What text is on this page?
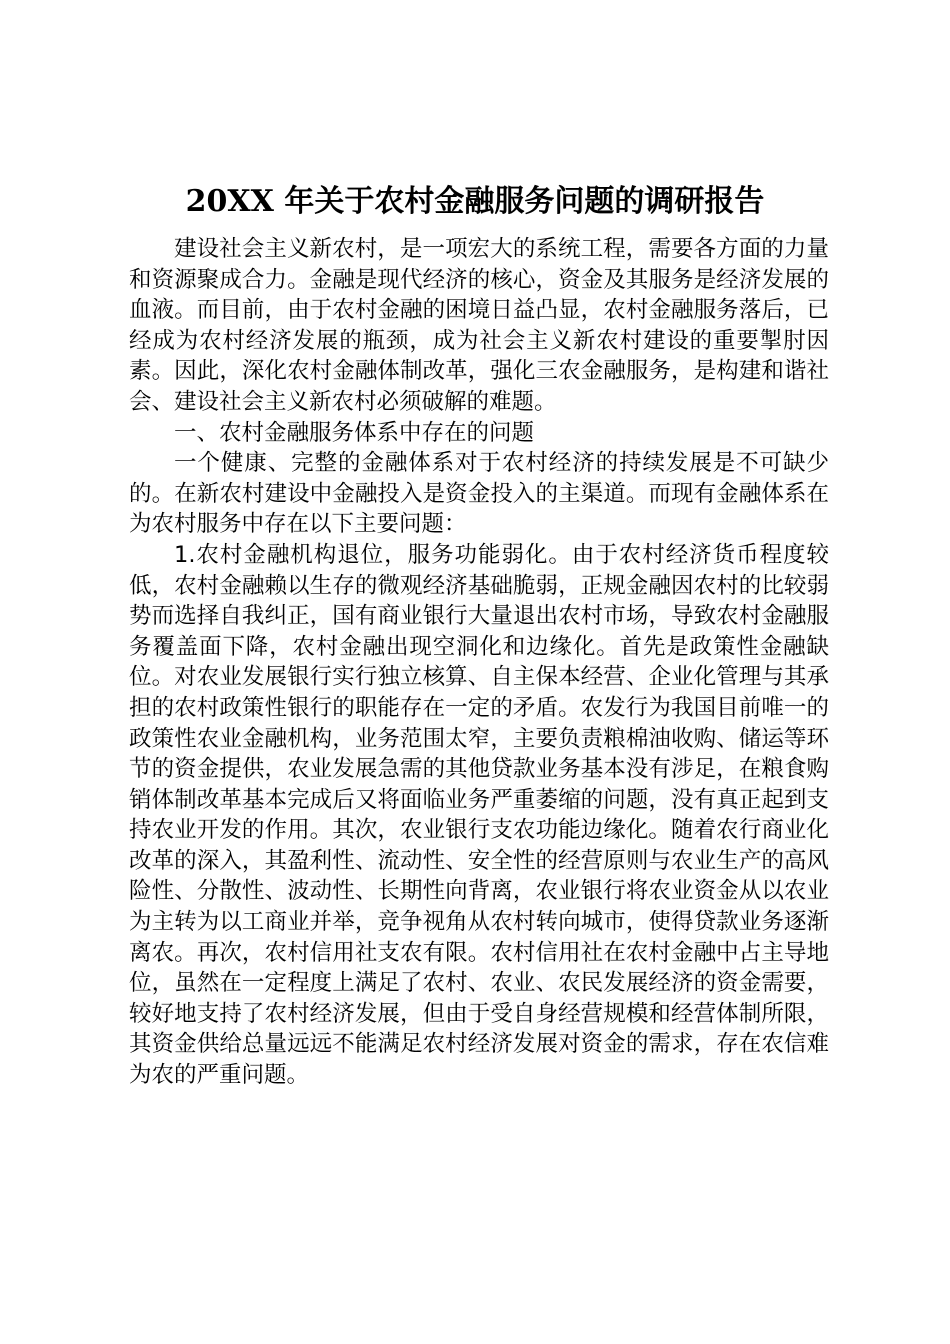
20XX 年关于农村金融服务问题的调研报告

建设社会主义新农村，是一项宏大的系统工程，需要各方面的力量和资源聚成合力。金融是现代经济的核心，资金及其服务是经济发展的血液。而目前，由于农村金融的困境日益凸显，农村金融服务落后，已经成为农村经济发展的瓶颈，成为社会主义新农村建设的重要掣肘因素。因此，深化农村金融体制改革，强化三农金融服务，是构建和谐社会、建设社会主义新农村必须破解的难题。

一、农村金融服务体系中存在的问题

一个健康、完整的金融体系对于农村经济的持续发展是不可缺少的。在新农村建设中金融投入是资金投入的主渠道。而现有金融体系在为农村服务中存在以下主要问题：

1.农村金融机构退位，服务功能弱化。由于农村经济货币程度较低，农村金融赖以生存的微观经济基础脆弱，正规金融因农村的比较弱势而选择自我纠正，国有商业银行大量退出农村市场，导致农村金融服务覆盖面下降，农村金融出现空洞化和边缘化。首先是政策性金融缺位。对农业发展银行实行独立核算、自主保本经营、企业化管理与其承担的农村政策性银行的职能存在一定的矛盾。农发行为我国目前唯一的政策性农业金融机构，业务范围太窄，主要负责粮棉油收购、储运等环节的资金提供，农业发展急需的其他贷款业务基本没有涉足，在粮食购销体制改革基本完成后又将面临业务严重萎缩的问题，没有真正起到支持农业开发的作用。其次，农业银行支农功能边缘化。随着农行商业化改革的深入，其盈利性、流动性、安全性的经营原则与农业生产的高风险性、分散性、波动性、长期性向背离，农业银行将农业资金从以农业为主转为以工商业并举，竞争视角从农村转向城市，使得贷款业务逐渐离农。再次，农村信用社支农有限。农村信用社在农村金融中占主导地位，虽然在一定程度上满足了农村、农业、农民发展经济的资金需要，较好地支持了农村经济发展，但由于受自身经营规模和经营体制所限，其资金供给总量远远不能满足农村经济发展对资金的需求，存在农信难为农的严重问题。
